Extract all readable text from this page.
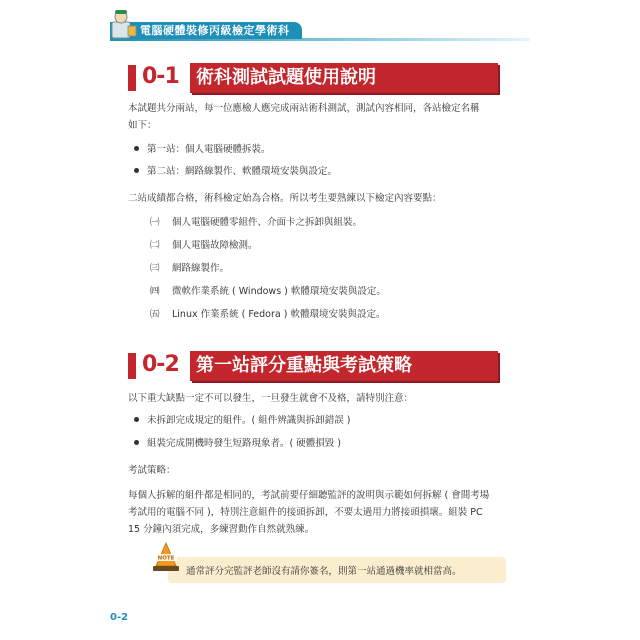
電腦硬體裝修丙級檢定學術科
0-1 術科測試試題使用說明
本試題共分兩站，每一位應檢人應完成兩站術科測試，測試內容相同，各站檢定名稱
如下：
第一站：個人電腦硬體拆裝。
第二站：網路線製作、軟體環境安裝與設定。
二站成績都合格，術科檢定始為合格。所以考生要熟練以下檢定內容要點：
㈠ 個人電腦硬體零組件、介面卡之拆卸與組裝。
㈡ 個人電腦故障檢測。
㈢ 網路線製作。
㈣ 微軟作業系統 ( Windows ) 軟體環境安裝與設定。
㈤ Linux 作業系統 ( Fedora ) 軟體環境安裝與設定。
0-2 第一站評分重點與考試策略
以下重大缺點一定不可以發生，一旦發生就會不及格，請特別注意：
未拆卸完成規定的組件。( 組件辨識與拆卸錯誤 )
組裝完成開機時發生短路現象者。( 硬體損毀 )
考試策略：
每個人拆解的組件都是相同的，考試前要仔細聽監評的說明與示範如何拆解 ( 會間考場
考試用的電腦不同 )，特別注意組件的接頭拆卸，不要太過用力將接頭損壞。組裝 PC
15 分鐘內須完成，多練習動作自然就熟練。
通常評分完監評老師沒有請你簽名，則第一站通過機率就相當高。
NOTE
0-2
